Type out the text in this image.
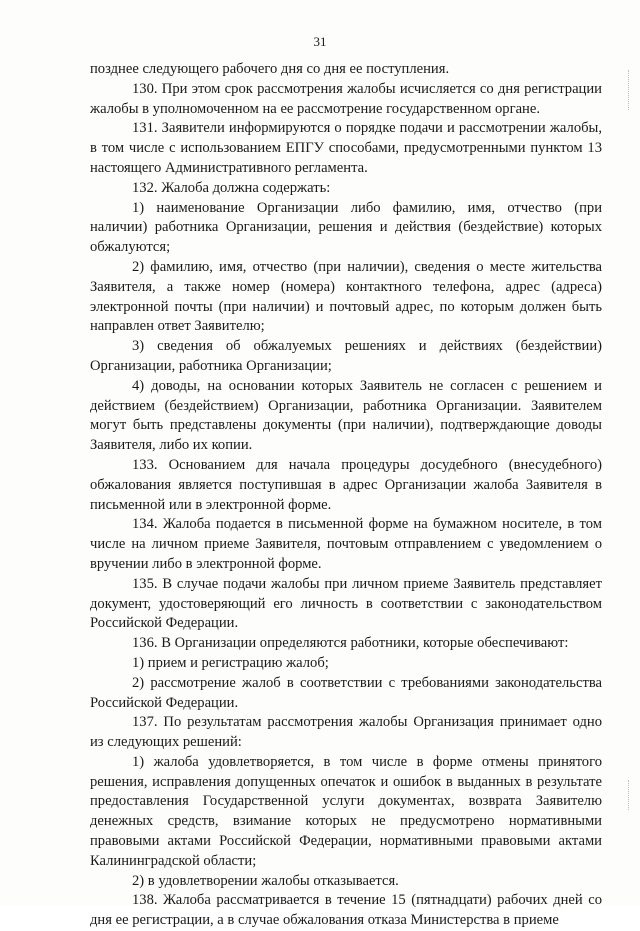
31

позднее следующего рабочего дня со дня ее поступления.

130. При этом срок рассмотрения жалобы исчисляется со дня регистрации жалобы в уполномоченном на ее рассмотрение государственном органе.

131. Заявители информируются о порядке подачи и рассмотрении жалобы, в том числе с использованием ЕПГУ способами, предусмотренными пунктом 13 настоящего Административного регламента.

132. Жалоба должна содержать:

1) наименование Организации либо фамилию, имя, отчество (при наличии) работника Организации, решения и действия (бездействие) которых обжалуются;

2) фамилию, имя, отчество (при наличии), сведения о месте жительства Заявителя, а также номер (номера) контактного телефона, адрес (адреса) электронной почты (при наличии) и почтовый адрес, по которым должен быть направлен ответ Заявителю;

3) сведения об обжалуемых решениях и действиях (бездействии) Организации, работника Организации;

4) доводы, на основании которых Заявитель не согласен с решением и действием (бездействием) Организации, работника Организации. Заявителем могут быть представлены документы (при наличии), подтверждающие доводы Заявителя, либо их копии.

133. Основанием для начала процедуры досудебного (внесудебного) обжалования является поступившая в адрес Организации жалоба Заявителя в письменной или в электронной форме.

134. Жалоба подается в письменной форме на бумажном носителе, в том числе на личном приеме Заявителя, почтовым отправлением с уведомлением о вручении либо в электронной форме.

135. В случае подачи жалобы при личном приеме Заявитель представляет документ, удостоверяющий его личность в соответствии с законодательством Российской Федерации.

136. В Организации определяются работники, которые обеспечивают:

1) прием и регистрацию жалоб;

2) рассмотрение жалоб в соответствии с требованиями законодательства Российской Федерации.

137. По результатам рассмотрения жалобы Организация принимает одно из следующих решений:

1) жалоба удовлетворяется, в том числе в форме отмены принятого решения, исправления допущенных опечаток и ошибок в выданных в результате предоставления Государственной услуги документах, возврата Заявителю денежных средств, взимание которых не предусмотрено нормативными правовыми актами Российской Федерации, нормативными правовыми актами Калининградской области;

2) в удовлетворении жалобы отказывается.

138. Жалоба рассматривается в течение 15 (пятнадцати) рабочих дней со дня ее регистрации, а в случае обжалования отказа Министерства в приеме
